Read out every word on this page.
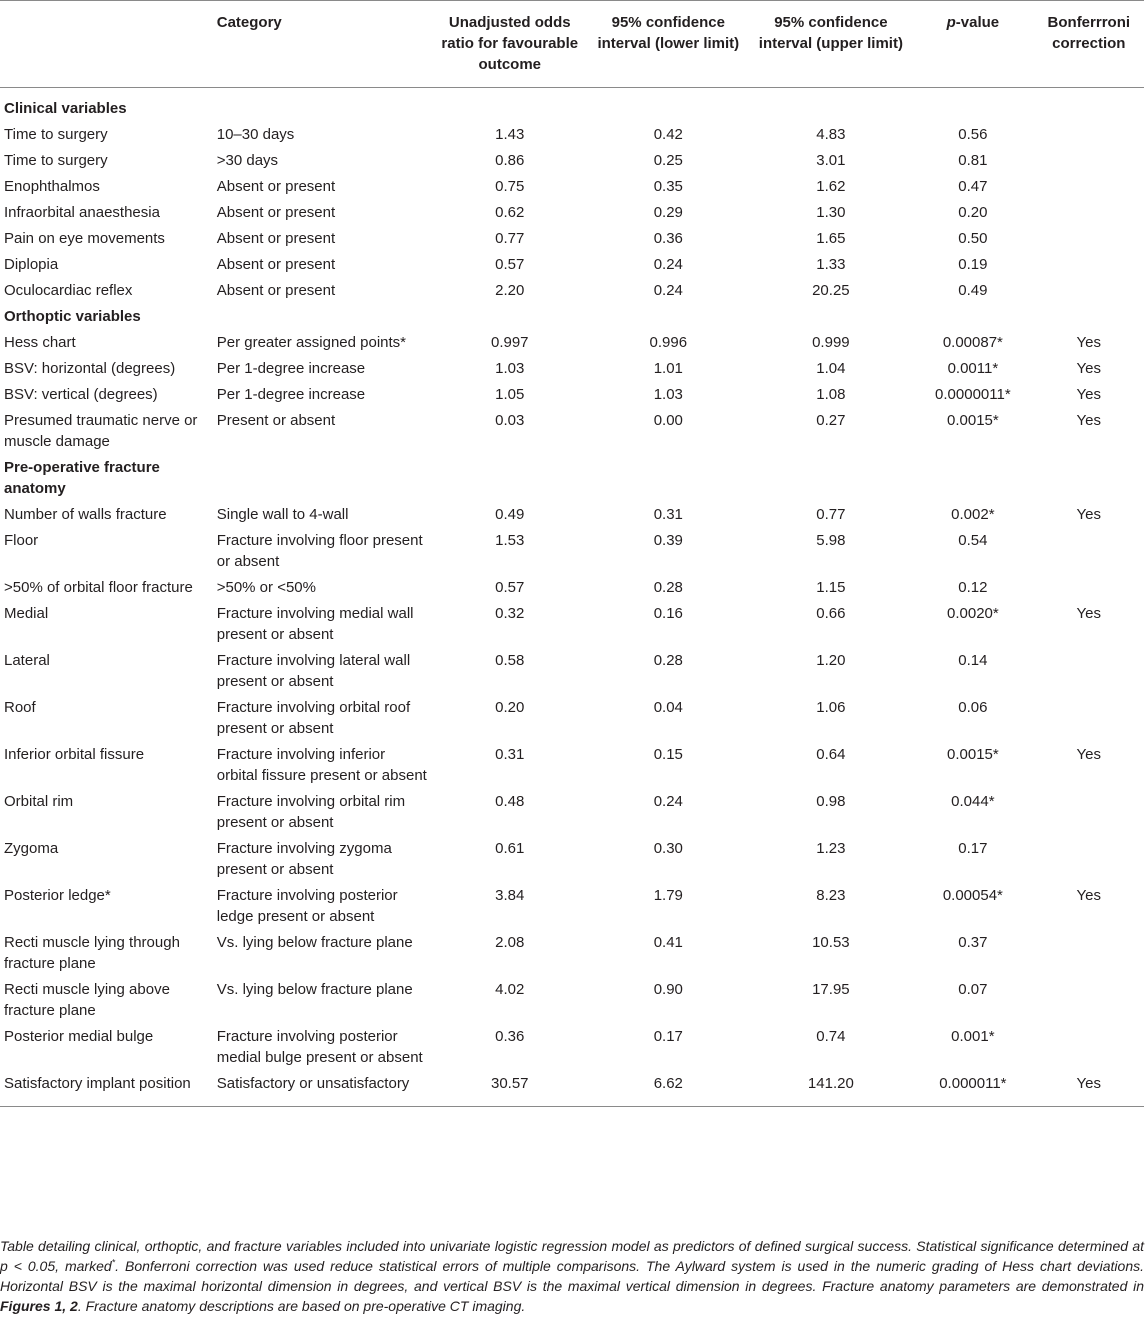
	Category	Unadjusted odds ratio for favourable outcome	95% confidence interval (lower limit)	95% confidence interval (upper limit)	p-value	Bonferrroni correction
Clinical variables						
Time to surgery	10–30 days	1.43	0.42	4.83	0.56	
Time to surgery	>30 days	0.86	0.25	3.01	0.81	
Enophthalmos	Absent or present	0.75	0.35	1.62	0.47	
Infraorbital anaesthesia	Absent or present	0.62	0.29	1.30	0.20	
Pain on eye movements	Absent or present	0.77	0.36	1.65	0.50	
Diplopia	Absent or present	0.57	0.24	1.33	0.19	
Oculocardiac reflex	Absent or present	2.20	0.24	20.25	0.49	
Orthoptic variables						
Hess chart	Per greater assigned points*	0.997	0.996	0.999	0.00087*	Yes
BSV: horizontal (degrees)	Per 1-degree increase	1.03	1.01	1.04	0.0011*	Yes
BSV: vertical (degrees)	Per 1-degree increase	1.05	1.03	1.08	0.0000011*	Yes
Presumed traumatic nerve or muscle damage	Present or absent	0.03	0.00	0.27	0.0015*	Yes
Pre-operative fracture anatomy						
Number of walls fracture	Single wall to 4-wall	0.49	0.31	0.77	0.002*	Yes
Floor	Fracture involving floor present or absent	1.53	0.39	5.98	0.54	
>50% of orbital floor fracture	>50% or <50%	0.57	0.28	1.15	0.12	
Medial	Fracture involving medial wall present or absent	0.32	0.16	0.66	0.0020*	Yes
Lateral	Fracture involving lateral wall present or absent	0.58	0.28	1.20	0.14	
Roof	Fracture involving orbital roof present or absent	0.20	0.04	1.06	0.06	
Inferior orbital fissure	Fracture involving inferior orbital fissure present or absent	0.31	0.15	0.64	0.0015*	Yes
Orbital rim	Fracture involving orbital rim present or absent	0.48	0.24	0.98	0.044*	
Zygoma	Fracture involving zygoma present or absent	0.61	0.30	1.23	0.17	
Posterior ledge*	Fracture involving posterior ledge present or absent	3.84	1.79	8.23	0.00054*	Yes
Recti muscle lying through fracture plane	Vs. lying below fracture plane	2.08	0.41	10.53	0.37	
Recti muscle lying above fracture plane	Vs. lying below fracture plane	4.02	0.90	17.95	0.07	
Posterior medial bulge	Fracture involving posterior medial bulge present or absent	0.36	0.17	0.74	0.001*	
Satisfactory implant position	Satisfactory or unsatisfactory	30.57	6.62	141.20	0.000011*	Yes
Table detailing clinical, orthoptic, and fracture variables included into univariate logistic regression model as predictors of defined surgical success. Statistical significance determined at p < 0.05, marked*. Bonferroni correction was used reduce statistical errors of multiple comparisons. The Aylward system is used in the numeric grading of Hess chart deviations. Horizontal BSV is the maximal horizontal dimension in degrees, and vertical BSV is the maximal vertical dimension in degrees. Fracture anatomy parameters are demonstrated in Figures 1, 2. Fracture anatomy descriptions are based on pre-operative CT imaging.
